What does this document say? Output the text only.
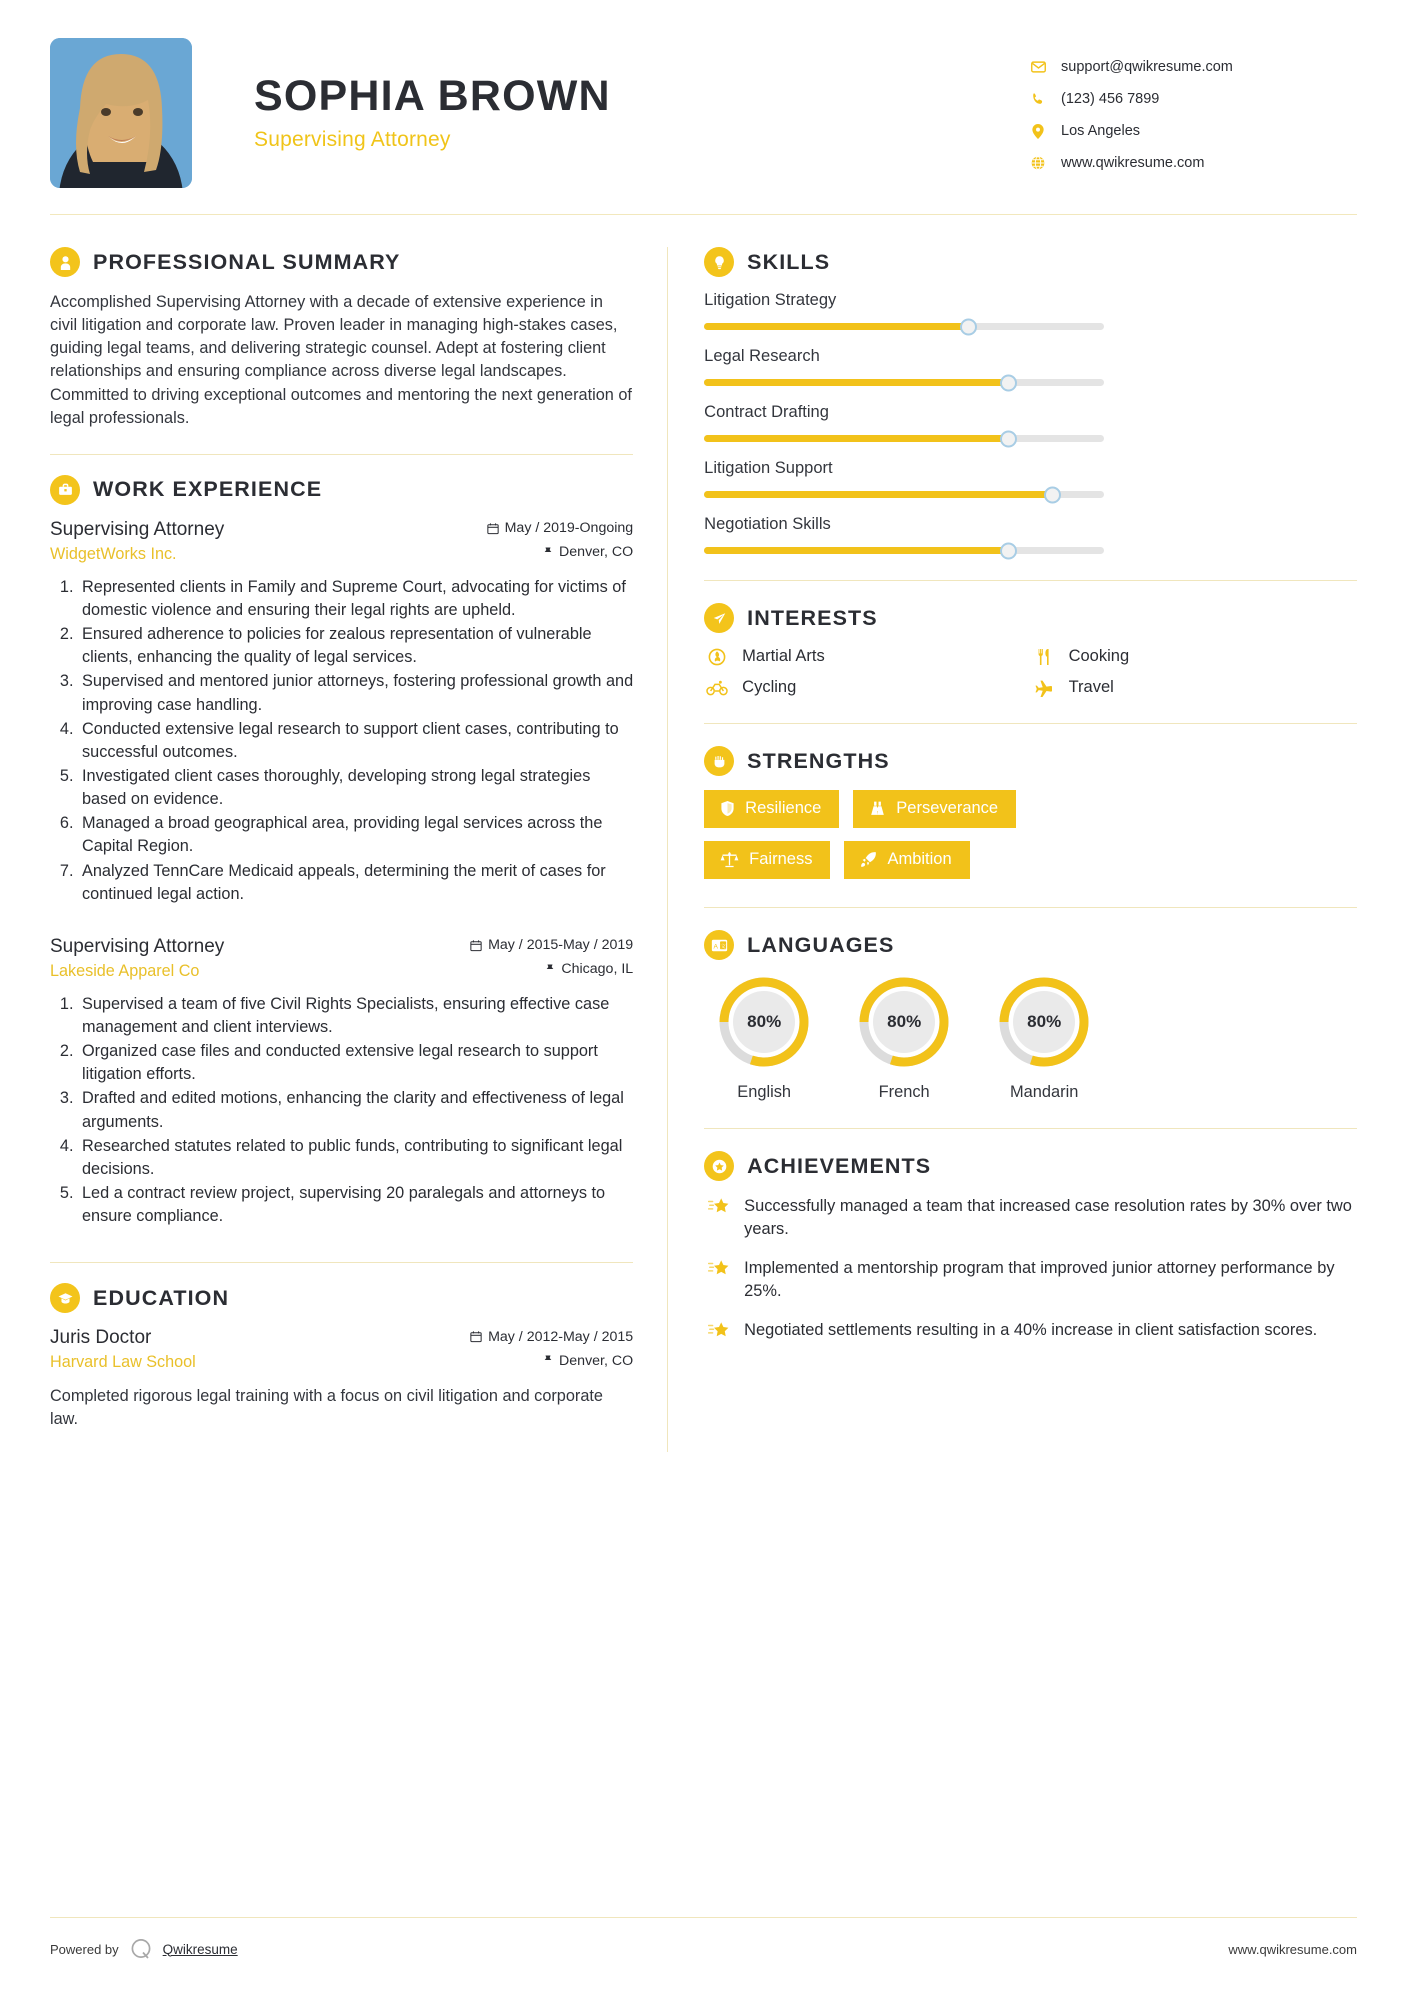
SOPHIA BROWN
Supervising Attorney
support@qwikresume.com
(123) 456 7899
Los Angeles
www.qwikresume.com
PROFESSIONAL SUMMARY
Accomplished Supervising Attorney with a decade of extensive experience in civil litigation and corporate law. Proven leader in managing high-stakes cases, guiding legal teams, and delivering strategic counsel. Adept at fostering client relationships and ensuring compliance across diverse legal landscapes. Committed to driving exceptional outcomes and mentoring the next generation of legal professionals.
WORK EXPERIENCE
Supervising Attorney	May / 2019-Ongoing
WidgetWorks Inc.	Denver, CO
1. Represented clients in Family and Supreme Court, advocating for victims of domestic violence and ensuring their legal rights are upheld.
2. Ensured adherence to policies for zealous representation of vulnerable clients, enhancing the quality of legal services.
3. Supervised and mentored junior attorneys, fostering professional growth and improving case handling.
4. Conducted extensive legal research to support client cases, contributing to successful outcomes.
5. Investigated client cases thoroughly, developing strong legal strategies based on evidence.
6. Managed a broad geographical area, providing legal services across the Capital Region.
7. Analyzed TennCare Medicaid appeals, determining the merit of cases for continued legal action.
Supervising Attorney	May / 2015-May / 2019
Lakeside Apparel Co	Chicago, IL
1. Supervised a team of five Civil Rights Specialists, ensuring effective case management and client interviews.
2. Organized case files and conducted extensive legal research to support litigation efforts.
3. Drafted and edited motions, enhancing the clarity and effectiveness of legal arguments.
4. Researched statutes related to public funds, contributing to significant legal decisions.
5. Led a contract review project, supervising 20 paralegals and attorneys to ensure compliance.
EDUCATION
Juris Doctor	May / 2012-May / 2015
Harvard Law School	Denver, CO
Completed rigorous legal training with a focus on civil litigation and corporate law.
SKILLS
Litigation Strategy
Legal Research
Contract Drafting
Litigation Support
Negotiation Skills
INTERESTS
Martial Arts	Cooking
Cycling	Travel
STRENGTHS
Resilience	Perseverance
Fairness	Ambition
A 文 LANGUAGES
80%
English
80%
French
80%
Mandarin
ACHIEVEMENTS
Successfully managed a team that increased case resolution rates by 30% over two years.
Implemented a mentorship program that improved junior attorney performance by 25%.
Negotiated settlements resulting in a 40% increase in client satisfaction scores.
Powered by	Qwikresume	www.qwikresume.com
